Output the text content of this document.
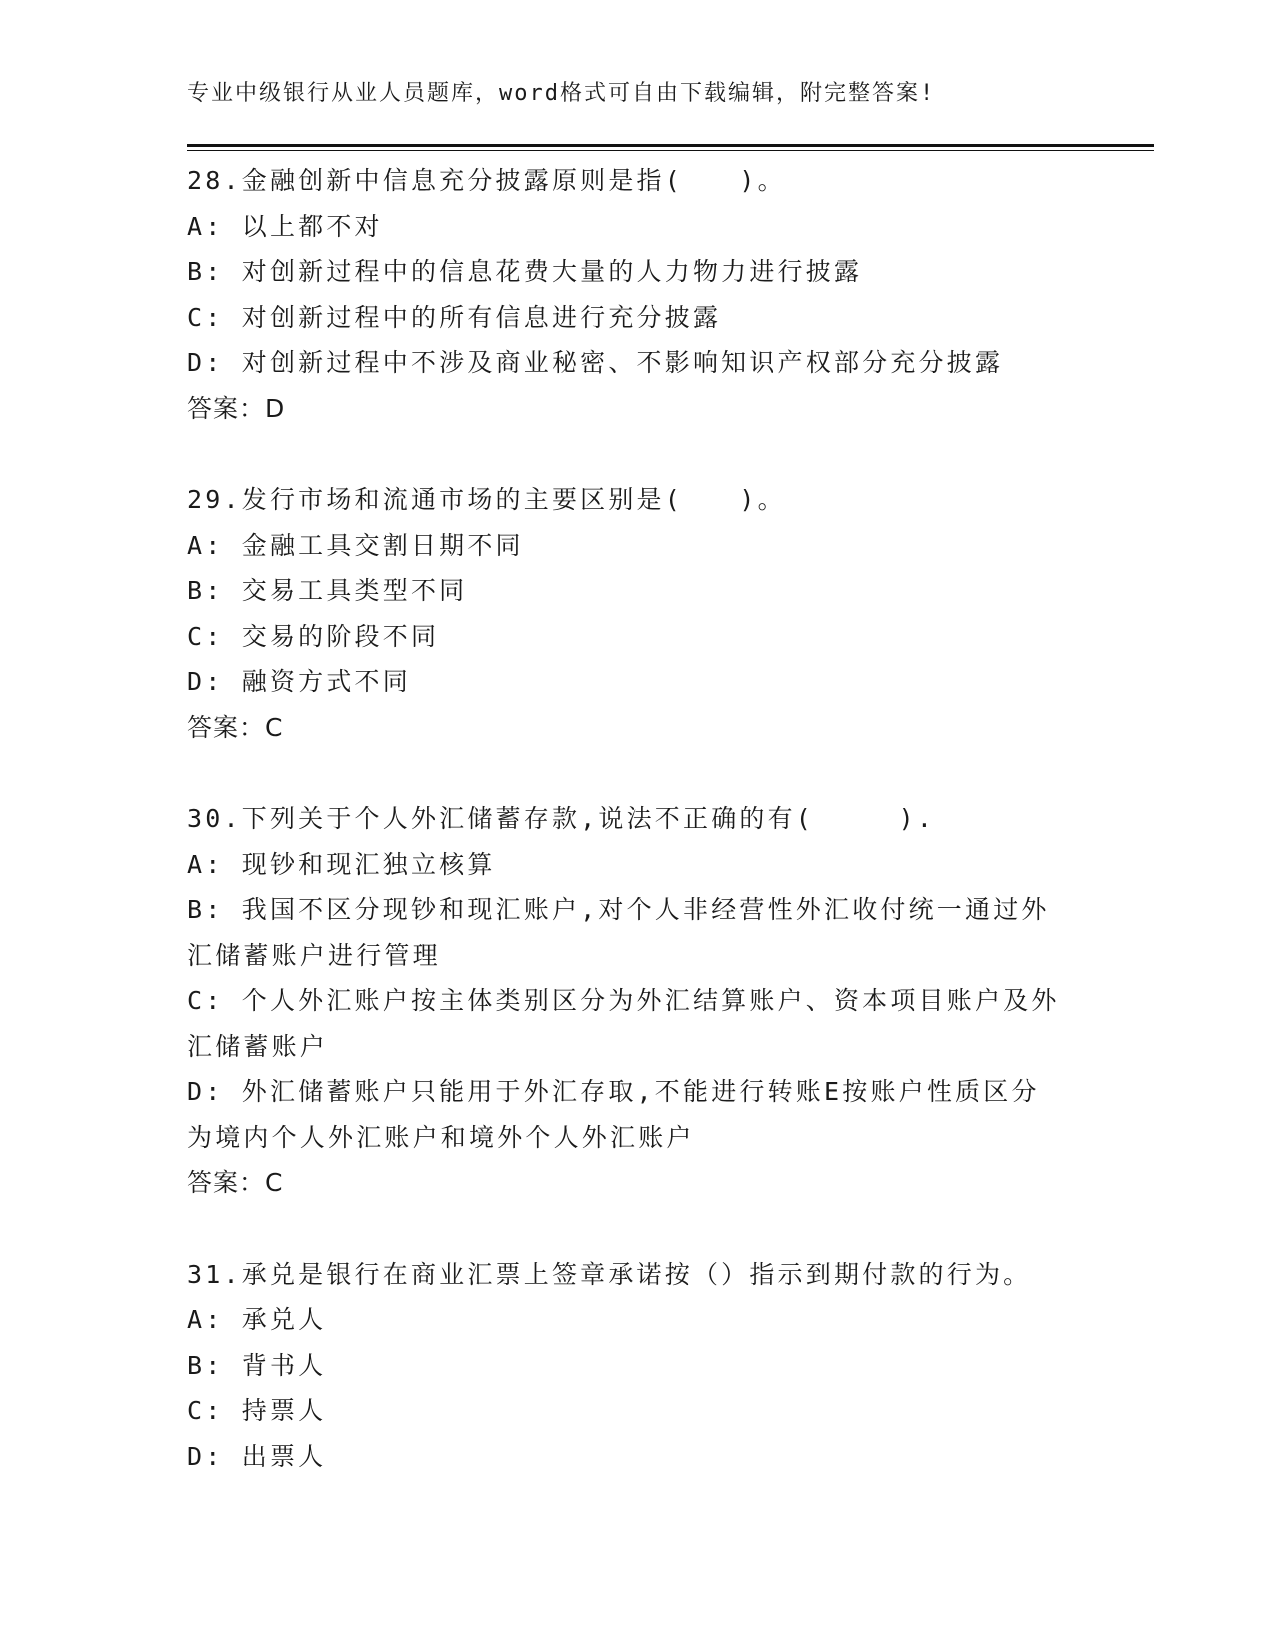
专业中级银行从业人员题库，word格式可自由下载编辑，附完整答案!
28.金融创新中信息充分披露原则是指(　　)。
A: 以上都不对
B: 对创新过程中的信息花费大量的人力物力进行披露
C: 对创新过程中的所有信息进行充分披露
D: 对创新过程中不涉及商业秘密、不影响知识产权部分充分披露
答案：D
29.发行市场和流通市场的主要区别是(　　)。
A: 金融工具交割日期不同
B: 交易工具类型不同
C: 交易的阶段不同
D: 融资方式不同
答案：C
30.下列关于个人外汇储蓄存款,说法不正确的有(　　　).
A: 现钞和现汇独立核算
B: 我国不区分现钞和现汇账户,对个人非经营性外汇收付统一通过外
汇储蓄账户进行管理
C: 个人外汇账户按主体类别区分为外汇结算账户、资本项目账户及外
汇储蓄账户
D: 外汇储蓄账户只能用于外汇存取,不能进行转账E按账户性质区分
为境内个人外汇账户和境外个人外汇账户
答案：C
31.承兑是银行在商业汇票上签章承诺按（）指示到期付款的行为。
A: 承兑人
B: 背书人
C: 持票人
D: 出票人
